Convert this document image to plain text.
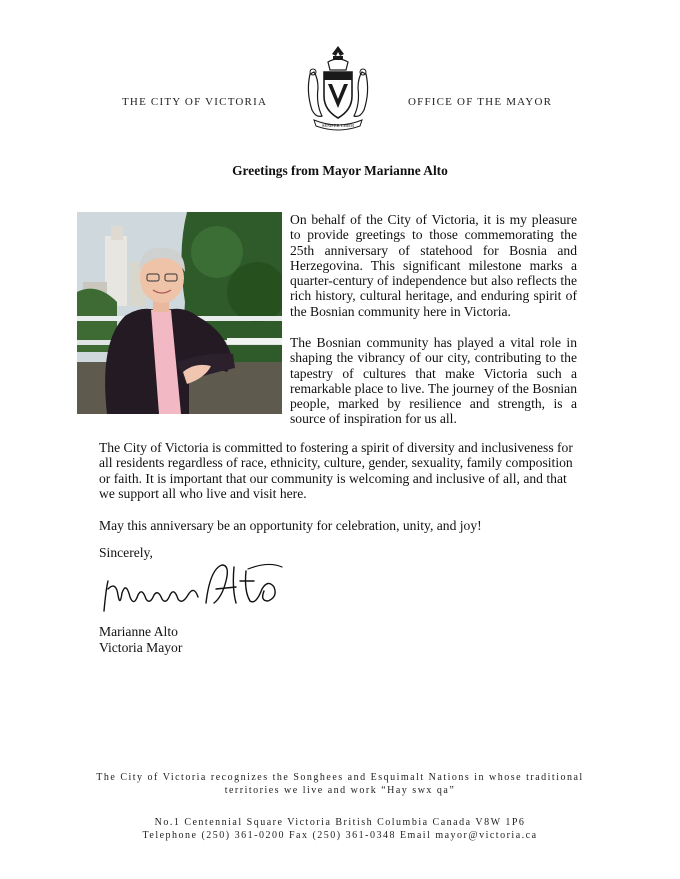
THE CITY OF VICTORIA
SEMPER LIBER
OFFICE OF THE MAYOR
Greetings from Mayor Marianne Alto
On behalf of the City of Victoria, it is my pleasure to provide greetings to those commemorating the 25th anniversary of statehood for Bosnia and Herzegovina. This significant milestone marks a quarter-century of independence but also reflects the rich history, cultural heritage, and enduring spirit of the Bosnian community here in Victoria.
The Bosnian community has played a vital role in shaping the vibrancy of our city, contributing to the tapestry of cultures that make Victoria such a remarkable place to live. The journey of the Bosnian people, marked by resilience and strength, is a source of inspiration for us all.
The City of Victoria is committed to fostering a spirit of diversity and inclusiveness for all residents regardless of race, ethnicity, culture, gender, sexuality, family composition or faith. It is important that our community is welcoming and inclusive of all, and that we support all who live and visit here.
May this anniversary be an opportunity for celebration, unity, and joy!
Sincerely,
Marianne Alto
Victoria Mayor
The City of Victoria recognizes the Songhees and Esquimalt Nations in whose traditional
territories we live and work “Hay swx qa”
No.1 Centennial Square Victoria British Columbia Canada V8W 1P6
Telephone (250) 361-0200 Fax (250) 361-0348 Email mayor@victoria.ca
